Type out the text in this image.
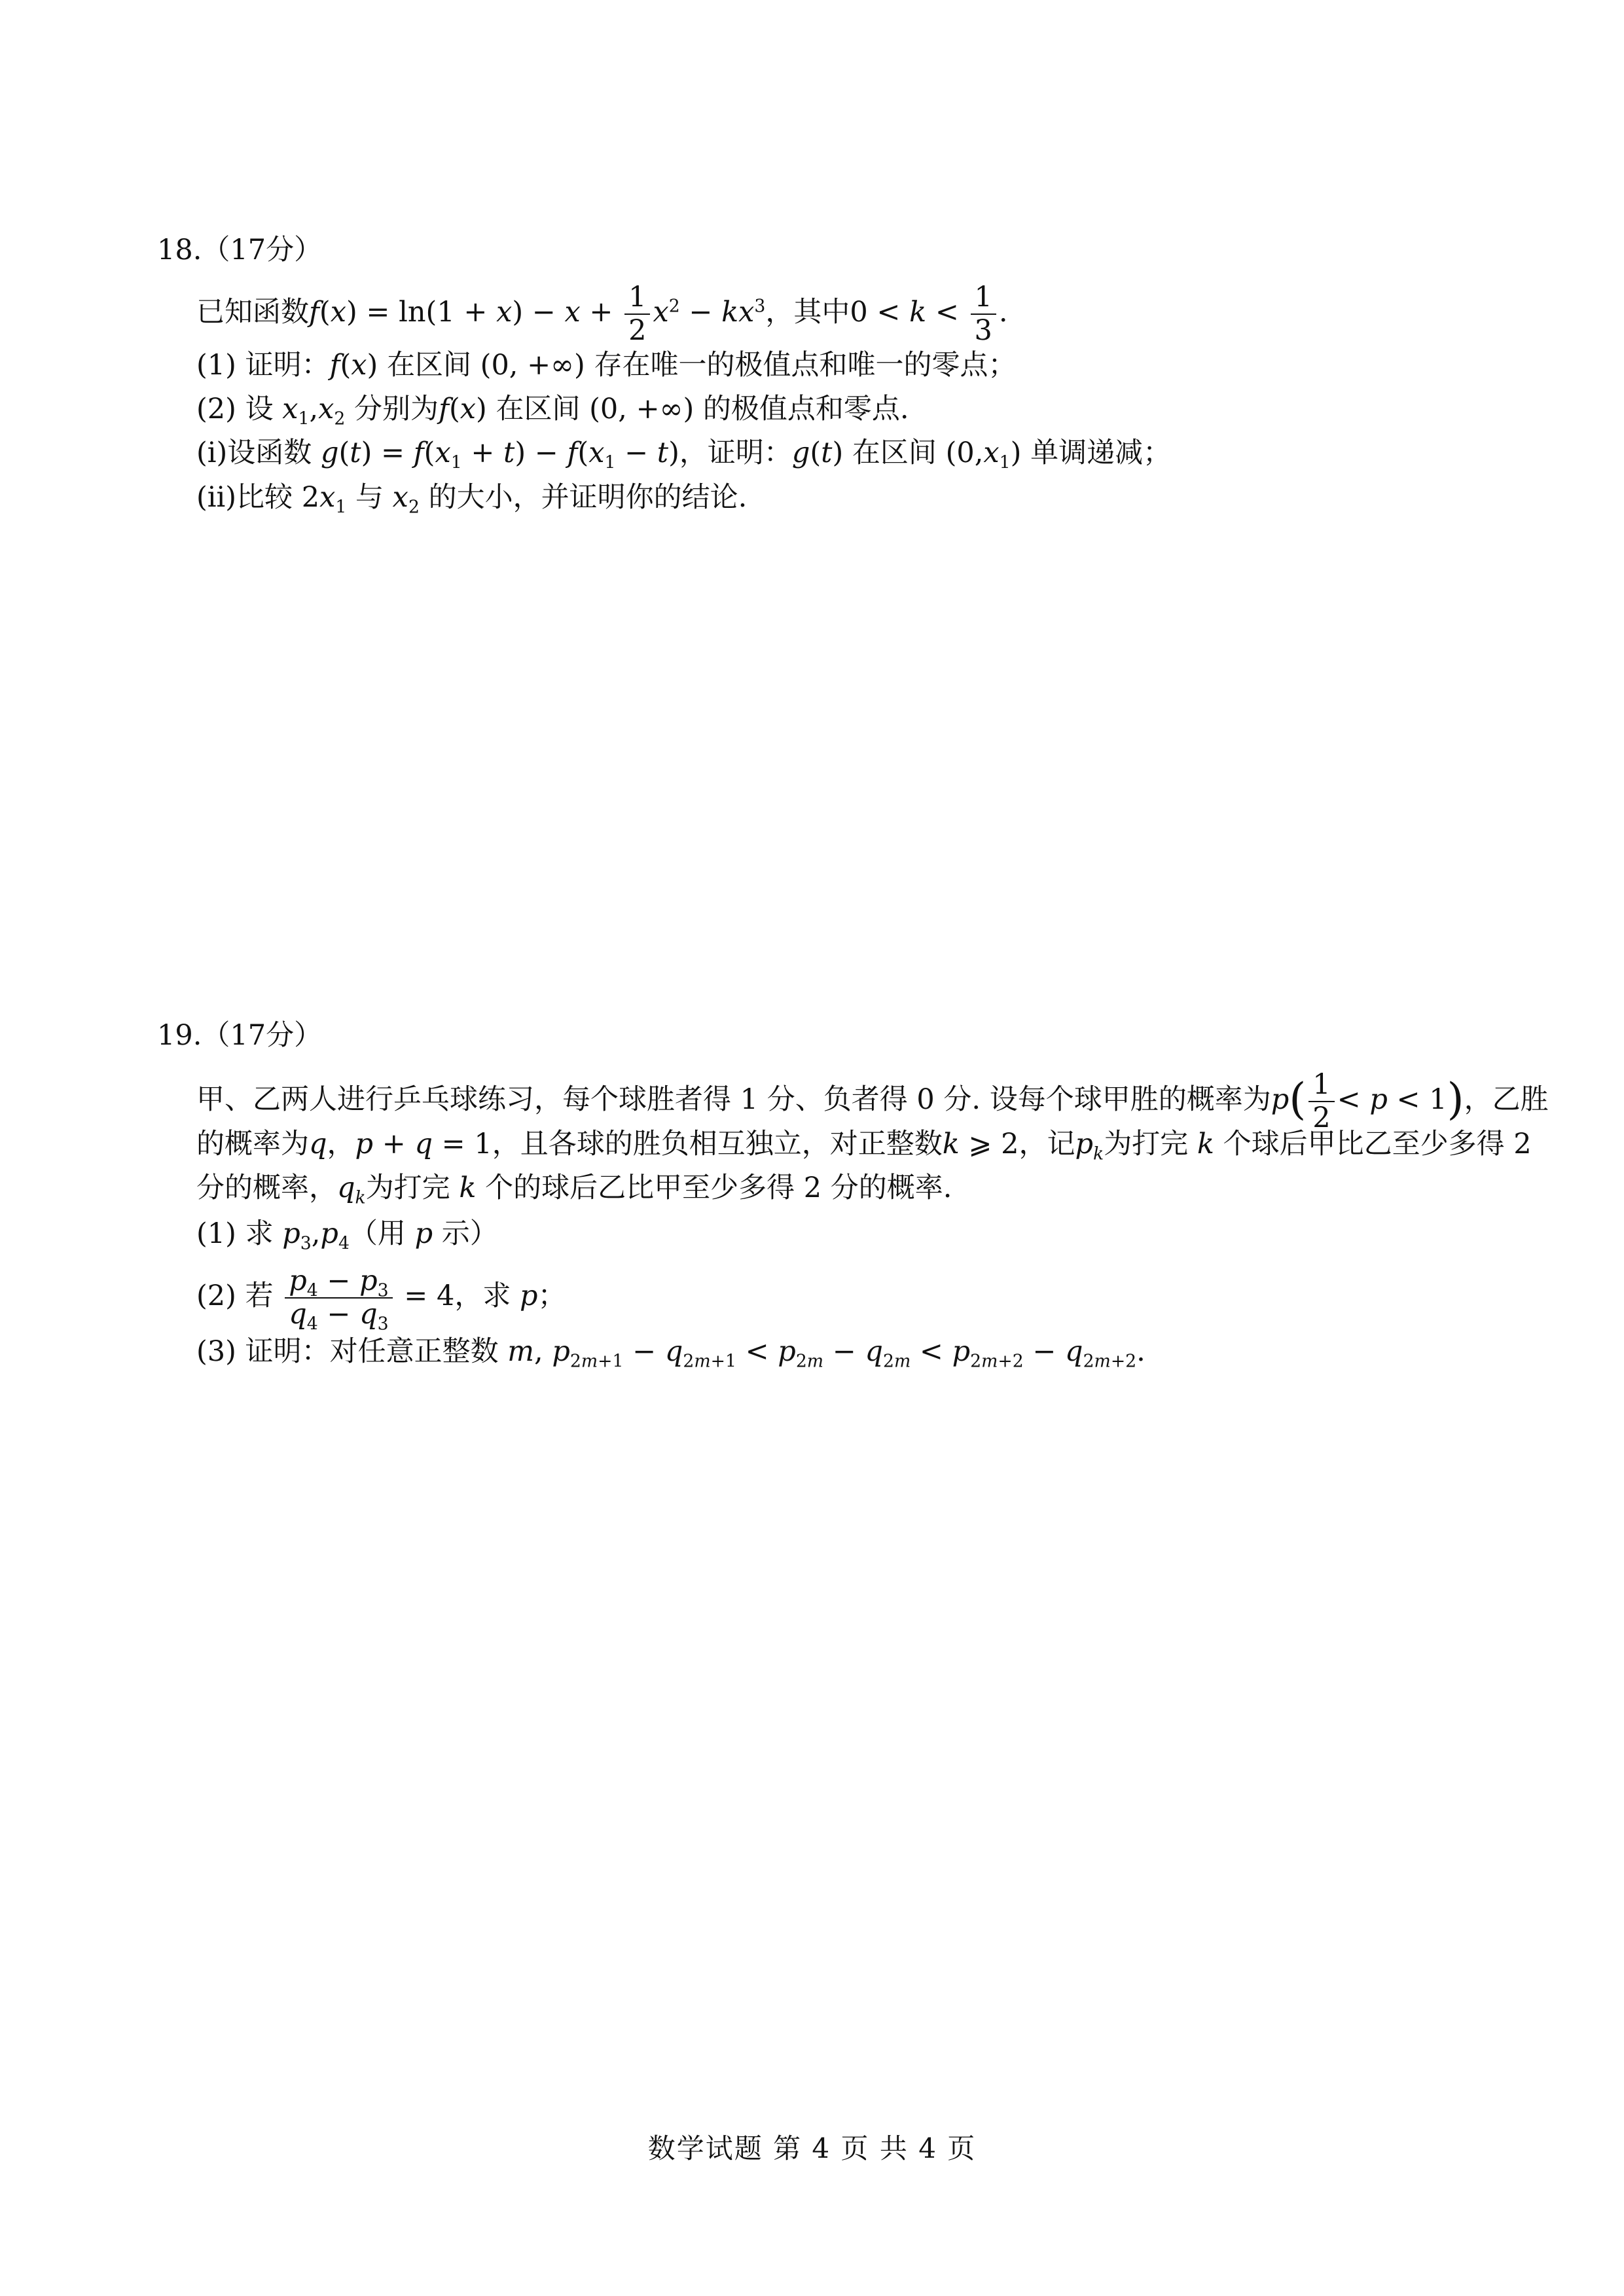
18.（17分）
已知函数$f(x) = \ln(1 + x) - x + \frac{1}{2} x^2 - kx^3$，其中$0 < k < \frac{1}{3}$ .
(1) 证明：f(x) 在区间 (0, +∞) 存在唯一的极值点和唯一的零点；
(2) 设 $x_1,x_2$ 分别为f(x) 在区间 (0, +∞) 的极值点和零点.
(i)设函数 $g(t) = f(x_1 + t) - f(x_1 - t)$，证明：g(t) 在区间 $(0,x_1)$ 单调递减；
(ii)比较 $2x_1$ 与 $x_2$ 的大小，并证明你的结论.
19.（17分）
甲、乙两人进行乒乓球练习，每个球胜者得 1 分、负者得 0 分. 设每个球甲胜的概率为$p( \frac{1}{2} < p < 1)$，乙胜
的概率为q，p + q = 1，且各球的胜负相互独立，对正整数k ⩾ 2，记$p_k$为打完 k 个球后甲比乙至少多得 2
分的概率，$q_k$为打完 k 个的球后乙比甲至少多得 2 分的概率.
(1) 求 $p_3,p_4$（用 p 示）
(2) 若 $\frac{p_4 - p_3}{q_4 - q_3} = 4$，求 p；
(3) 证明：对任意正整数 m, $p_{2m+1} - q_{2m+1} < p_{2m} - q_{2m} < p_{2m+2} - q_{2m+2}$.
数学试题 第 4 页 共 4 页
